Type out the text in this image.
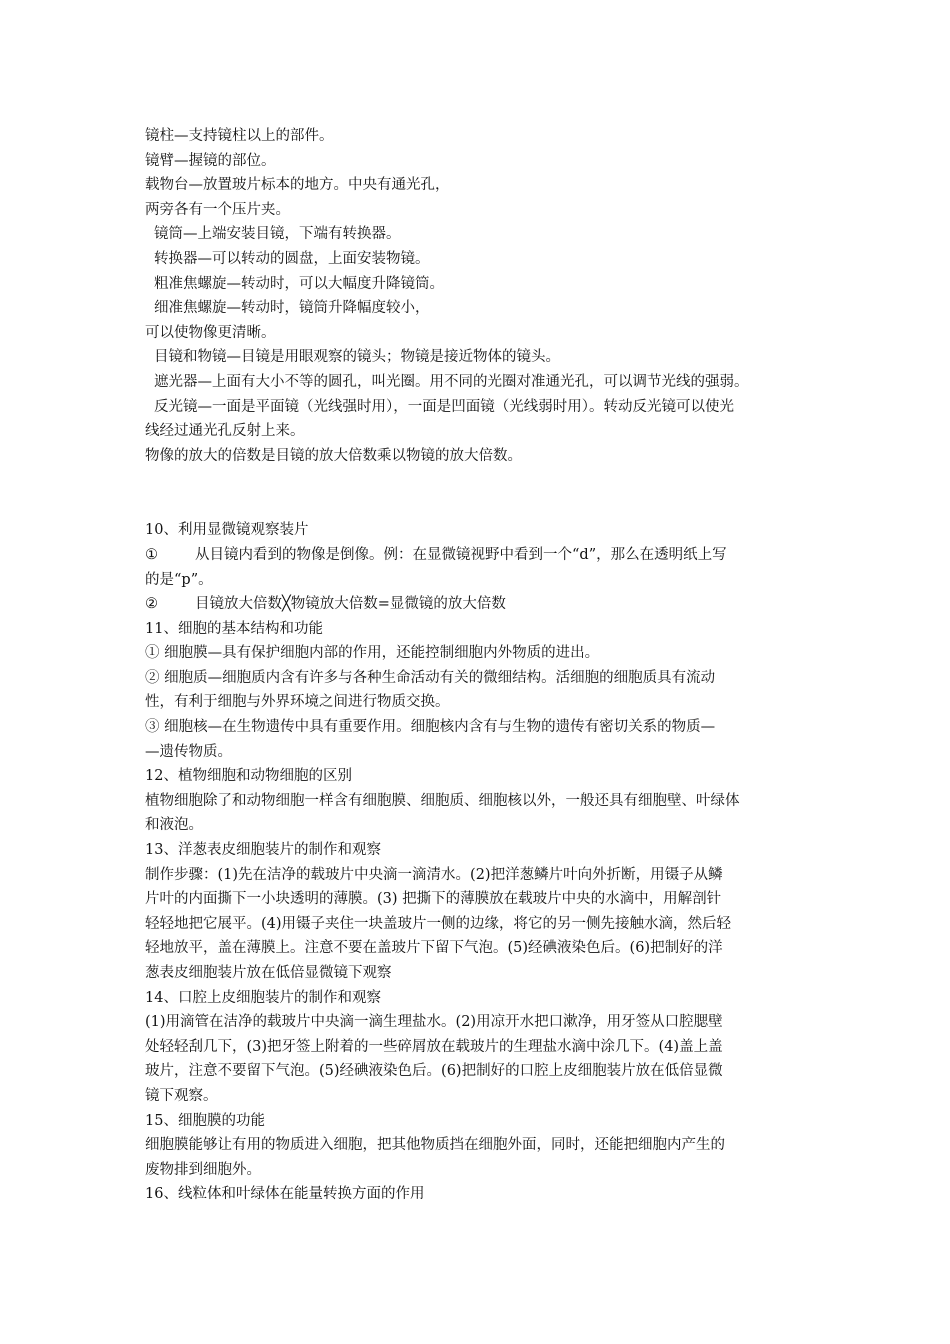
镜柱—支持镜柱以上的部件。
镜臂—握镜的部位。
载物台—放置玻片标本的地方。中央有通光孔，
两旁各有一个压片夹。
镜筒—上端安装目镜，下端有转换器。
转换器—可以转动的圆盘，上面安装物镜。
粗准焦螺旋—转动时，可以大幅度升降镜筒。
细准焦螺旋—转动时，镜筒升降幅度较小，
可以使物像更清晰。
目镜和物镜—目镜是用眼观察的镜头；物镜是接近物体的镜头。
遮光器—上面有大小不等的圆孔，叫光圈。用不同的光圈对准通光孔，可以调节光线的强弱。
反光镜—一面是平面镜（光线强时用），一面是凹面镜（光线弱时用）。转动反光镜可以使光
线经过通光孔反射上来。
物像的放大的倍数是目镜的放大倍数乘以物镜的放大倍数。
10、利用显微镜观察装片
①	从目镜内看到的物像是倒像。例：在显微镜视野中看到一个“d”，那么在透明纸上写
的是“p”。
②	目镜放大倍数╳物镜放大倍数=显微镜的放大倍数
11、细胞的基本结构和功能
① 细胞膜—具有保护细胞内部的作用，还能控制细胞内外物质的进出。
② 细胞质—细胞质内含有许多与各种生命活动有关的微细结构。活细胞的细胞质具有流动
性，有利于细胞与外界环境之间进行物质交换。
③ 细胞核—在生物遗传中具有重要作用。细胞核内含有与生物的遗传有密切关系的物质—
—遗传物质。
12、植物细胞和动物细胞的区别
植物细胞除了和动物细胞一样含有细胞膜、细胞质、细胞核以外，一般还具有细胞壁、叶绿体
和液泡。
13、洋葱表皮细胞装片的制作和观察
制作步骤：(1)先在洁净的载玻片中央滴一滴清水。(2)把洋葱鳞片叶向外折断，用镊子从鳞
片叶的内面撕下一小块透明的薄膜。(3) 把撕下的薄膜放在载玻片中央的水滴中，用解剖针
轻轻地把它展平。(4)用镊子夹住一块盖玻片一侧的边缘，将它的另一侧先接触水滴，然后轻
轻地放平，盖在薄膜上。注意不要在盖玻片下留下气泡。(5)经碘液染色后。(6)把制好的洋
葱表皮细胞装片放在低倍显微镜下观察
14、口腔上皮细胞装片的制作和观察
(1)用滴管在洁净的载玻片中央滴一滴生理盐水。(2)用凉开水把口漱净，用牙签从口腔腮壁
处轻轻刮几下，(3)把牙签上附着的一些碎屑放在载玻片的生理盐水滴中涂几下。(4)盖上盖
玻片，注意不要留下气泡。(5)经碘液染色后。(6)把制好的口腔上皮细胞装片放在低倍显微
镜下观察。
15、细胞膜的功能
细胞膜能够让有用的物质进入细胞，把其他物质挡在细胞外面，同时，还能把细胞内产生的
废物排到细胞外。
16、线粒体和叶绿体在能量转换方面的作用
